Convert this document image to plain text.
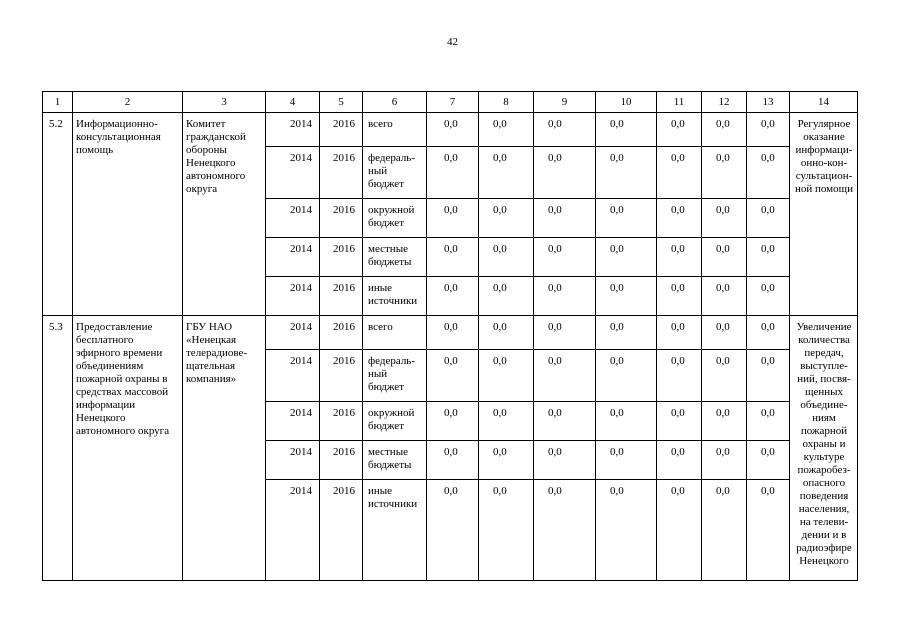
42
1	2	3	4	5	6	7	8	9	10	11	12	13	14
5.2	Информационно-консультационная помощь	Комитет гражданской обороны Ненецкого автономного округа	2014	2016	всего	0,0	0,0	0,0	0,0	0,0	0,0	0,0	Регулярное оказание информаци-онно-кон-сультацион-ной помощи
			2014	2016	федераль-ный бюджет	0,0	0,0	0,0	0,0	0,0	0,0	0,0	
			2014	2016	окружной бюджет	0,0	0,0	0,0	0,0	0,0	0,0	0,0	
			2014	2016	местные бюджеты	0,0	0,0	0,0	0,0	0,0	0,0	0,0	
			2014	2016	иные источники	0,0	0,0	0,0	0,0	0,0	0,0	0,0	
5.3	Предоставление бесплатного эфирного времени объединениям пожарной охраны в средствах массовой информации Ненецкого автономного округа	ГБУ НАО «Ненецкая телерадиове-щательная компания»	2014	2016	всего	0,0	0,0	0,0	0,0	0,0	0,0	0,0	Увеличение количества передач, выступле-ний, посвя-щенных объедине-ниям пожарной охраны и культуре пожаробез-опасного поведения населения, на телеви-дении и в радиоэфире Ненецкого
			2014	2016	федераль-ный бюджет	0,0	0,0	0,0	0,0	0,0	0,0	0,0	
			2014	2016	окружной бюджет	0,0	0,0	0,0	0,0	0,0	0,0	0,0	
			2014	2016	местные бюджеты	0,0	0,0	0,0	0,0	0,0	0,0	0,0	
			2014	2016	иные источники	0,0	0,0	0,0	0,0	0,0	0,0	0,0	
